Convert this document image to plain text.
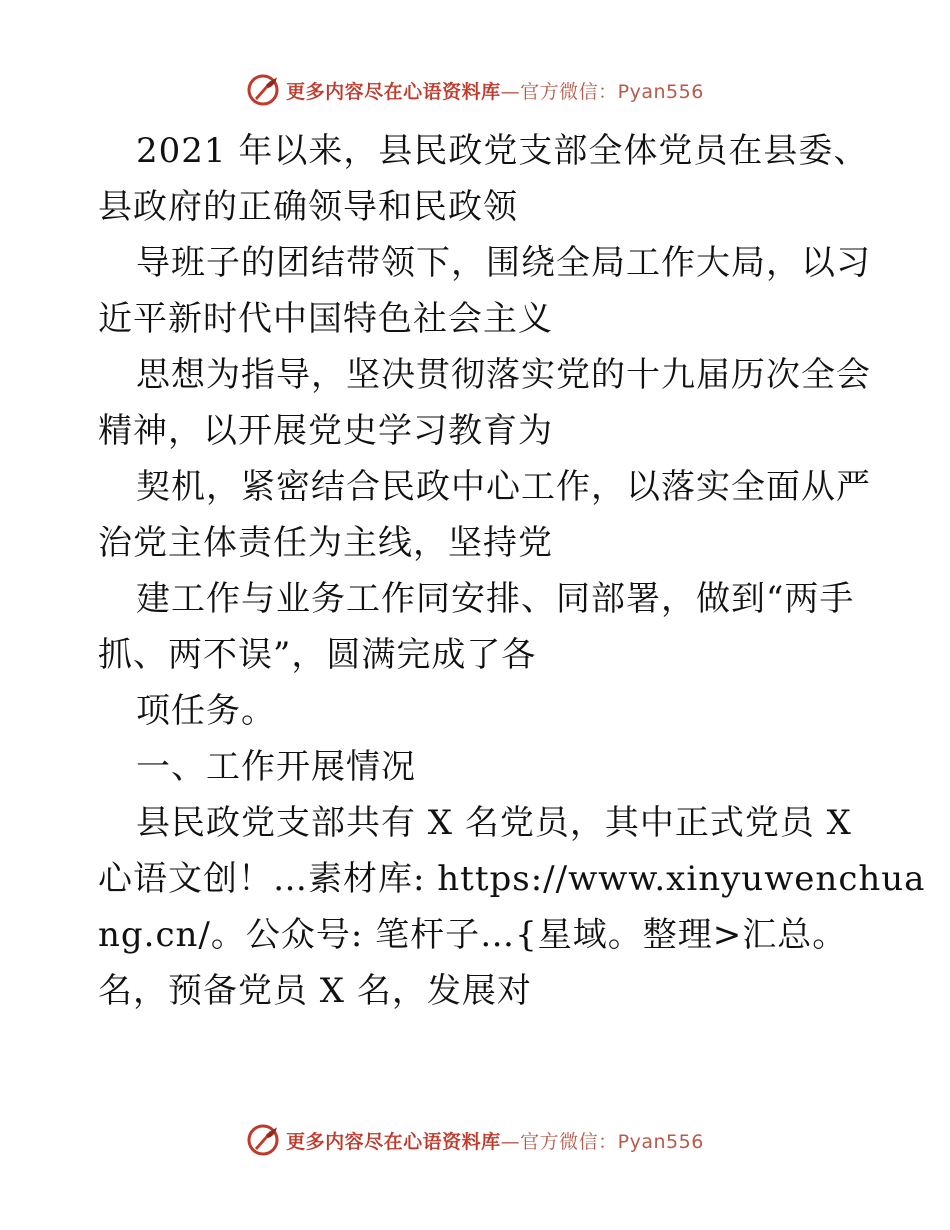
更多内容尽在心语资料库—官方微信：Pyan556
2021 年以来，县民政党支部全体党员在县委、
县政府的正确领导和民政领
导班子的团结带领下，围绕全局工作大局，以习
近平新时代中国特色社会主义
思想为指导，坚决贯彻落实党的十九届历次全会
精神，以开展党史学习教育为
契机，紧密结合民政中心工作，以落实全面从严
治党主体责任为主线，坚持党
建工作与业务工作同安排、同部署，做到“两手
抓、两不误”，圆满完成了各
项任务。
一、工作开展情况
县民政党支部共有 X 名党员，其中正式党员 X
心语文创！…素材库: https://www.xinyuwenchua
ng.cn/。公众号: 笔杆子…{星域。整理>汇总。
名，预备党员 X 名，发展对
更多内容尽在心语资料库—官方微信：Pyan556
